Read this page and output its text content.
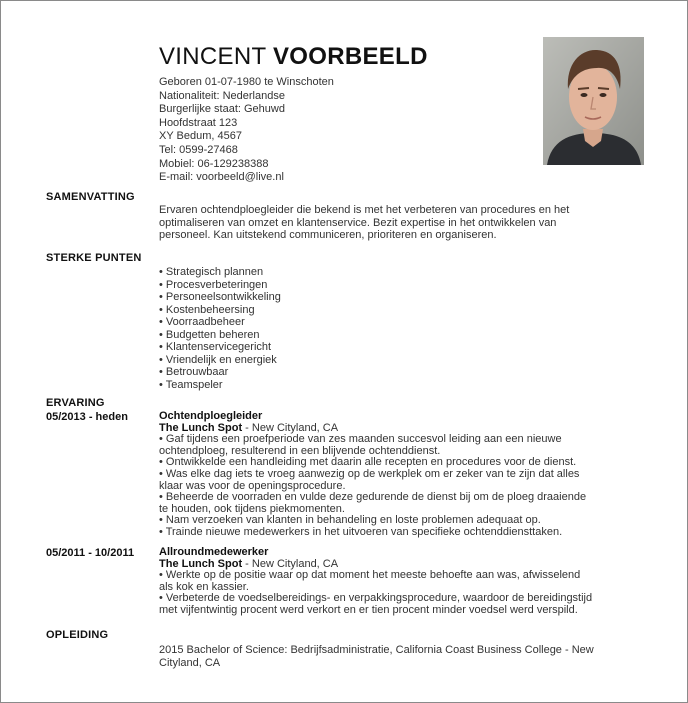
VINCENT VOORBEELD
Geboren 01-07-1980 te Winschoten
Nationaliteit: Nederlandse
Burgerlijke staat: Gehuwd
Hoofdstraat 123
XY Bedum, 4567
Tel: 0599-27468
Mobiel: 06-129238388
E-mail: voorbeeld@live.nl
SAMENVATTING
Ervaren ochtendploegleider die bekend is met het verbeteren van procedures en het
optimaliseren van omzet en klantenservice. Bezit expertise in het ontwikkelen van
personeel. Kan uitstekend communiceren, prioriteren en organiseren.
STERKE PUNTEN
• Strategisch plannen
• Procesverbeteringen
• Personeelsontwikkeling
• Kostenbeheersing
• Voorraadbeheer
• Budgetten beheren
• Klantenservicegericht
• Vriendelijk en energiek
• Betrouwbaar
• Teamspeler
ERVARING
05/2013 - heden	Ochtendploegleider
The Lunch Spot - New Cityland, CA
• Gaf tijdens een proefperiode van zes maanden succesvol leiding aan een nieuwe
ochtendploeg, resulterend in een blijvende ochtenddienst.
• Ontwikkelde een handleiding met daarin alle recepten en procedures voor de dienst.
• Was elke dag iets te vroeg aanwezig op de werkplek om er zeker van te zijn dat alles
klaar was voor de openingsprocedure.
• Beheerde de voorraden en vulde deze gedurende de dienst bij om de ploeg draaiende
te houden, ook tijdens piekmomenten.
• Nam verzoeken van klanten in behandeling en loste problemen adequaat op.
• Trainde nieuwe medewerkers in het uitvoeren van specifieke ochtenddiensttaken.
05/2011 - 10/2011 Allroundmedewerker
The Lunch Spot - New Cityland, CA
• Werkte op de positie waar op dat moment het meeste behoefte aan was, afwisselend
als kok en kassier.
• Verbeterde de voedselbereidings- en verpakkingsprocedure, waardoor de bereidingstijd
met vijfentwintig procent werd verkort en er tien procent minder voedsel werd verspild.
OPLEIDING
2015 Bachelor of Science: Bedrijfsadministratie, California Coast Business College - New
Cityland, CA
